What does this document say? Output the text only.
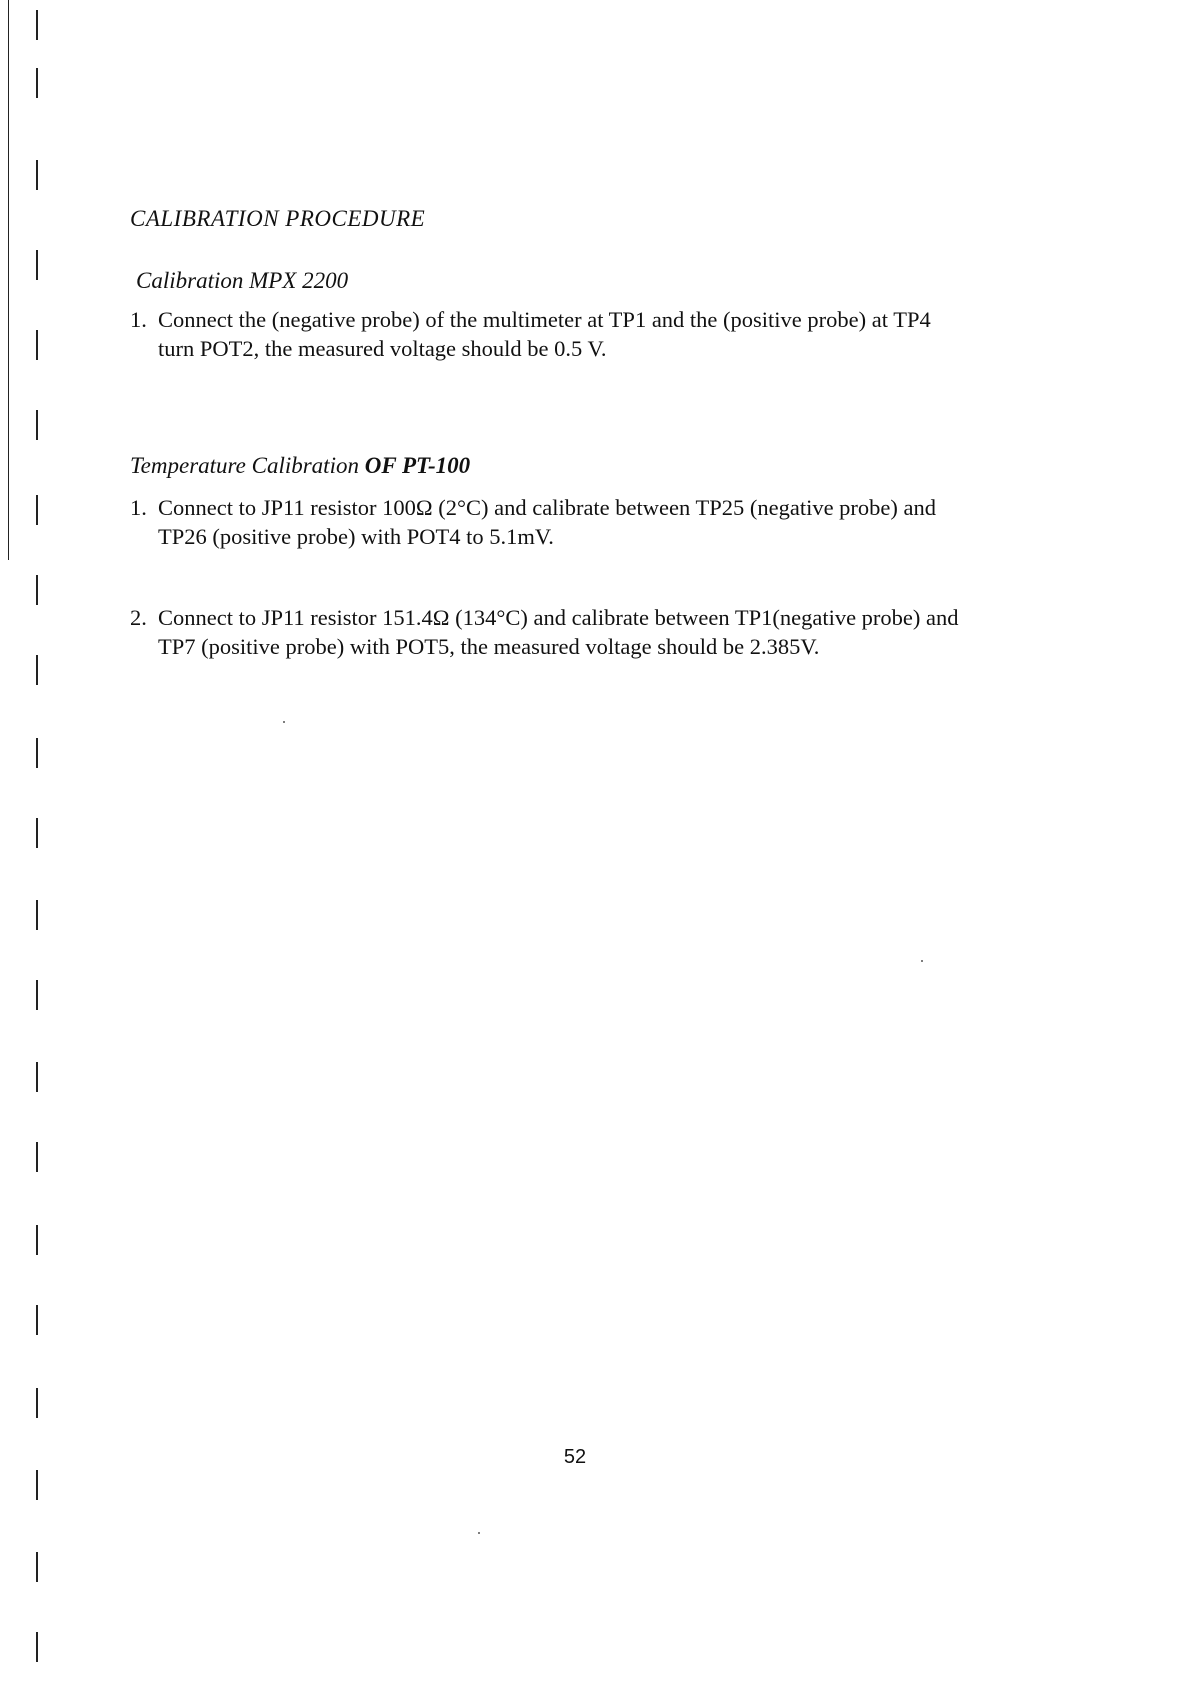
CALIBRATION PROCEDURE
Calibration MPX 2200

1. Connect the (negative probe) of the multimeter at TP1 and the (positive probe) at TP4
turn POT2, the measured voltage should be 0.5 V.

Temperature Calibration OF PT-100

1. Connect to JP11 resistor 100Ω (2°C) and calibrate between TP25 (negative probe) and
TP26 (positive probe) with POT4 to 5.1mV.

2. Connect to JP11 resistor 151.4Ω (134°C) and calibrate between TP1(negative probe) and
TP7 (positive probe) with POT5, the measured voltage should be 2.385V.

52
